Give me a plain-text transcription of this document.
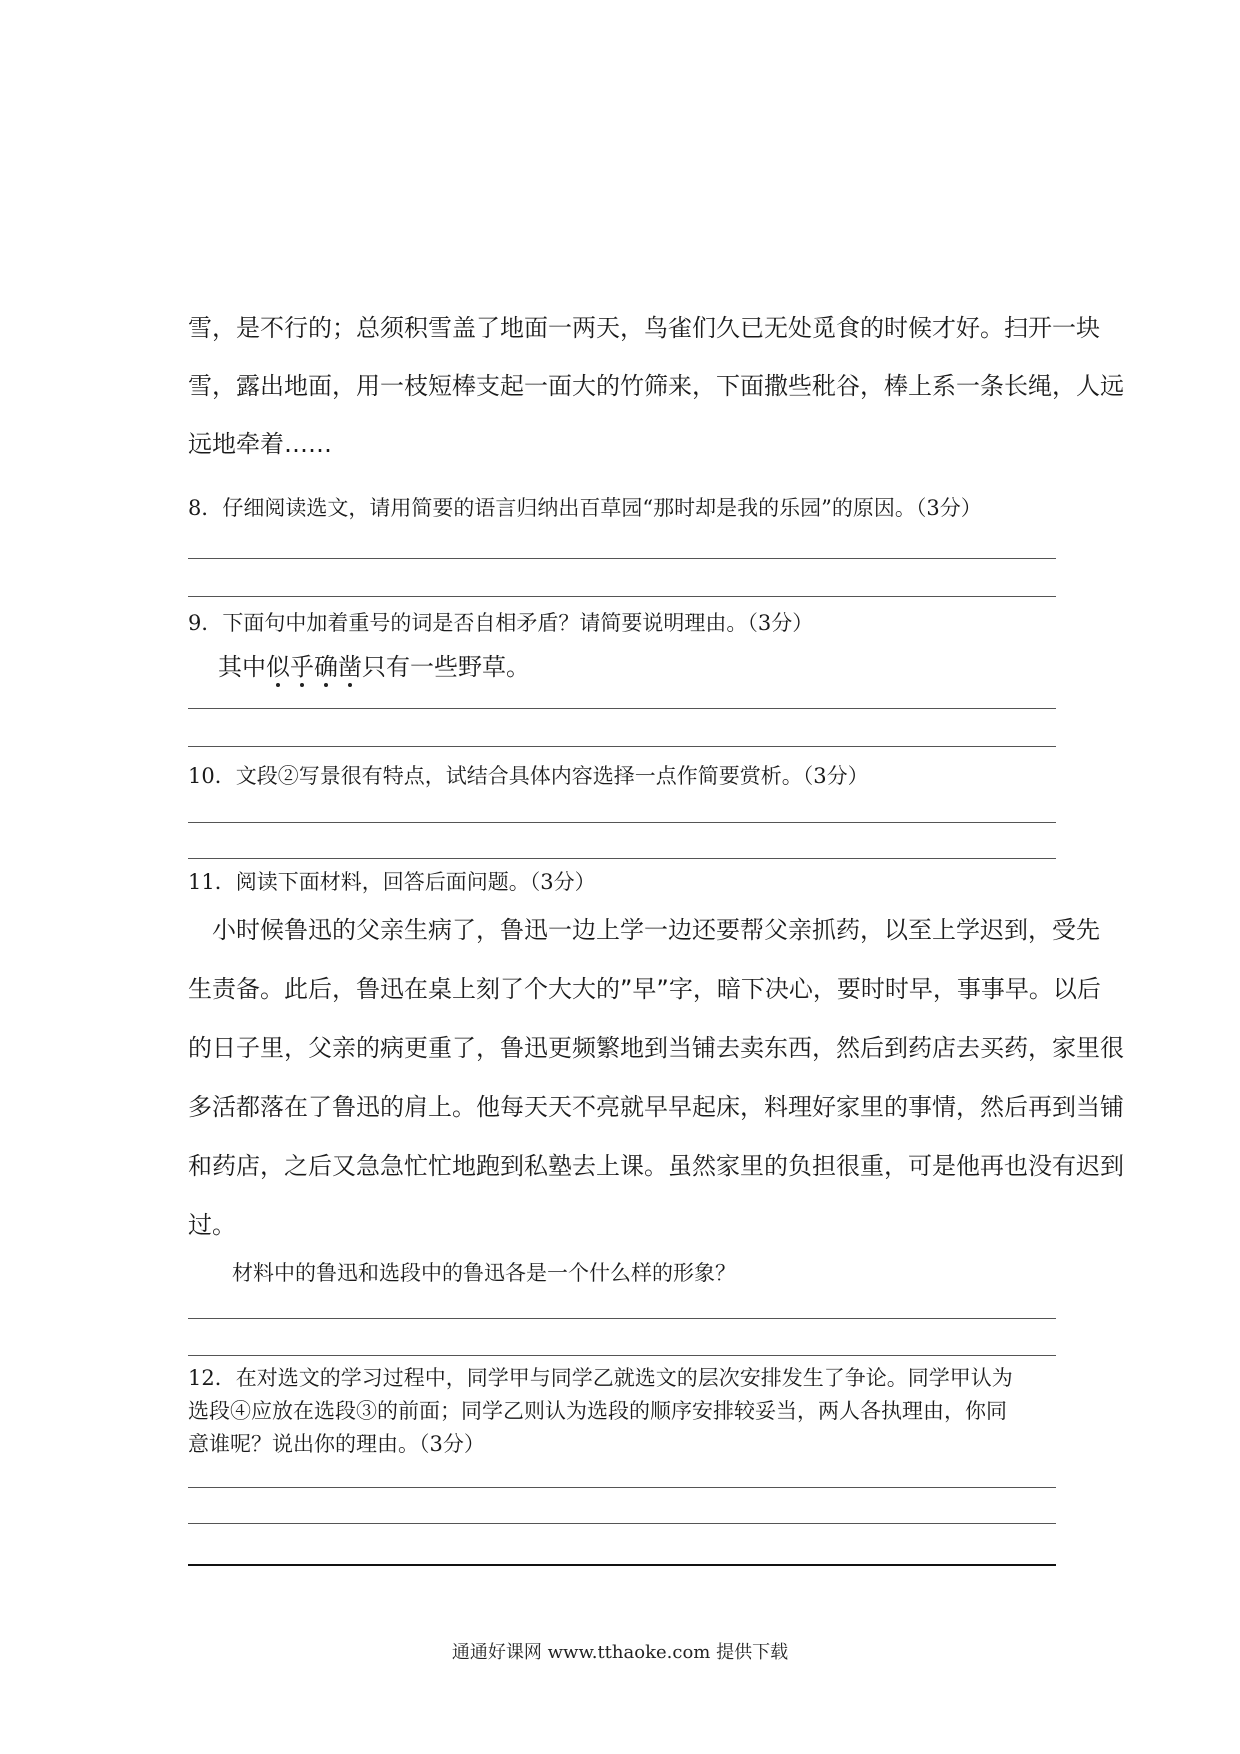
雪，是不行的；总须积雪盖了地面一两天，鸟雀们久已无处觅食的时候才好。扫开一块
雪，露出地面，用一枝短棒支起一面大的竹筛来，下面撒些秕谷，棒上系一条长绳，人远
远地牵着……
8．仔细阅读选文，请用简要的语言归纳出百草园“那时却是我的乐园”的原因。（3分）
9．下面句中加着重号的词是否自相矛盾？请简要说明理由。（3分）
其中似乎确凿只有一些野草。
10．文段②写景很有特点，试结合具体内容选择一点作简要赏析。（3分）
11．阅读下面材料，回答后面问题。（3分）
　小时候鲁迅的父亲生病了，鲁迅一边上学一边还要帮父亲抓药，以至上学迟到，受先
生责备。此后，鲁迅在桌上刻了个大大的”早”字，暗下决心，要时时早，事事早。以后
的日子里，父亲的病更重了，鲁迅更频繁地到当铺去卖东西，然后到药店去买药，家里很
多活都落在了鲁迅的肩上。他每天天不亮就早早起床，料理好家里的事情，然后再到当铺
和药店，之后又急急忙忙地跑到私塾去上课。虽然家里的负担很重，可是他再也没有迟到
过。
材料中的鲁迅和选段中的鲁迅各是一个什么样的形象？
12．在对选文的学习过程中，同学甲与同学乙就选文的层次安排发生了争论。同学甲认为
选段④应放在选段③的前面；同学乙则认为选段的顺序安排较妥当，两人各执理由，你同
意谁呢？说出你的理由。（3分）
通通好课网 www.tthaoke.com 提供下载
